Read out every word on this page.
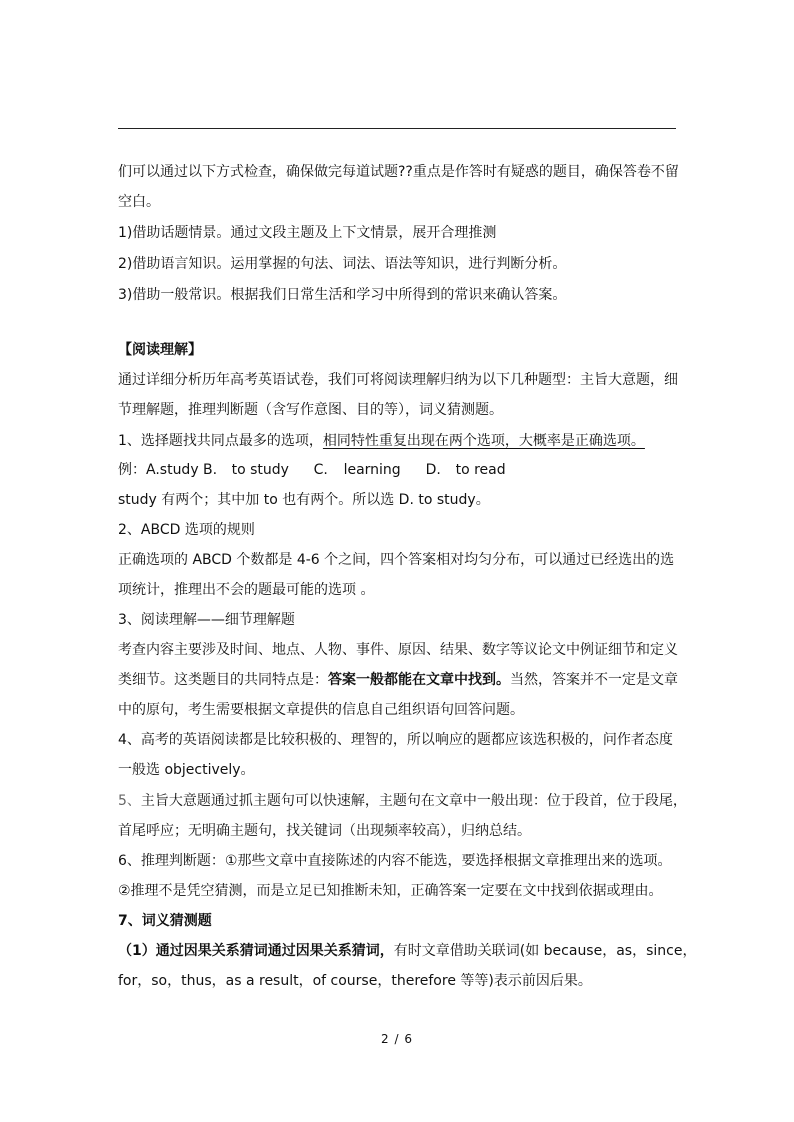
们可以通过以下方式检查，确保做完每道试题??重点是作答时有疑惑的题目，确保答卷不留
空白。
1)借助话题情景。通过文段主题及上下文情景，展开合理推测
2)借助语言知识。运用掌握的句法、词法、语法等知识，进行判断分析。
3)借助一般常识。根据我们日常生活和学习中所得到的常识来确认答案。
【阅读理解】
通过详细分析历年高考英语试卷，我们可将阅读理解归纳为以下几种题型：主旨大意题，细
节理解题，推理判断题（含写作意图、目的等），词义猜测题。
1、选择题找共同点最多的选项，相同特性重复出现在两个选项，大概率是正确选项。
例：A.study B. to study C. learning D. to read
study 有两个；其中加 to 也有两个。所以选 D. to study。
2、ABCD 选项的规则
正确选项的 ABCD 个数都是 4-6 个之间，四个答案相对均匀分布，可以通过已经选出的选
项统计，推理出不会的题最可能的选项 。
3、阅读理解——细节理解题
考查内容主要涉及时间、地点、人物、事件、原因、结果、数字等议论文中例证细节和定义
类细节。这类题目的共同特点是：答案一般都能在文章中找到。当然，答案并不一定是文章
中的原句，考生需要根据文章提供的信息自己组织语句回答问题。
4、高考的英语阅读都是比较积极的、理智的，所以响应的题都应该选积极的，问作者态度
一般选 objectively。
5、主旨大意题通过抓主题句可以快速解，主题句在文章中一般出现：位于段首，位于段尾，
首尾呼应；无明确主题句，找关键词（出现频率较高），归纳总结。
6、推理判断题：①那些文章中直接陈述的内容不能选，要选择根据文章推理出来的选项。
②推理不是凭空猜测，而是立足已知推断未知，正确答案一定要在文中找到依据或理由。
7、词义猜测题
（1）通过因果关系猜词通过因果关系猜词，有时文章借助关联词(如 because，as，since，
for，so，thus，as a result，of course，therefore 等等)表示前因后果。
2 / 6
